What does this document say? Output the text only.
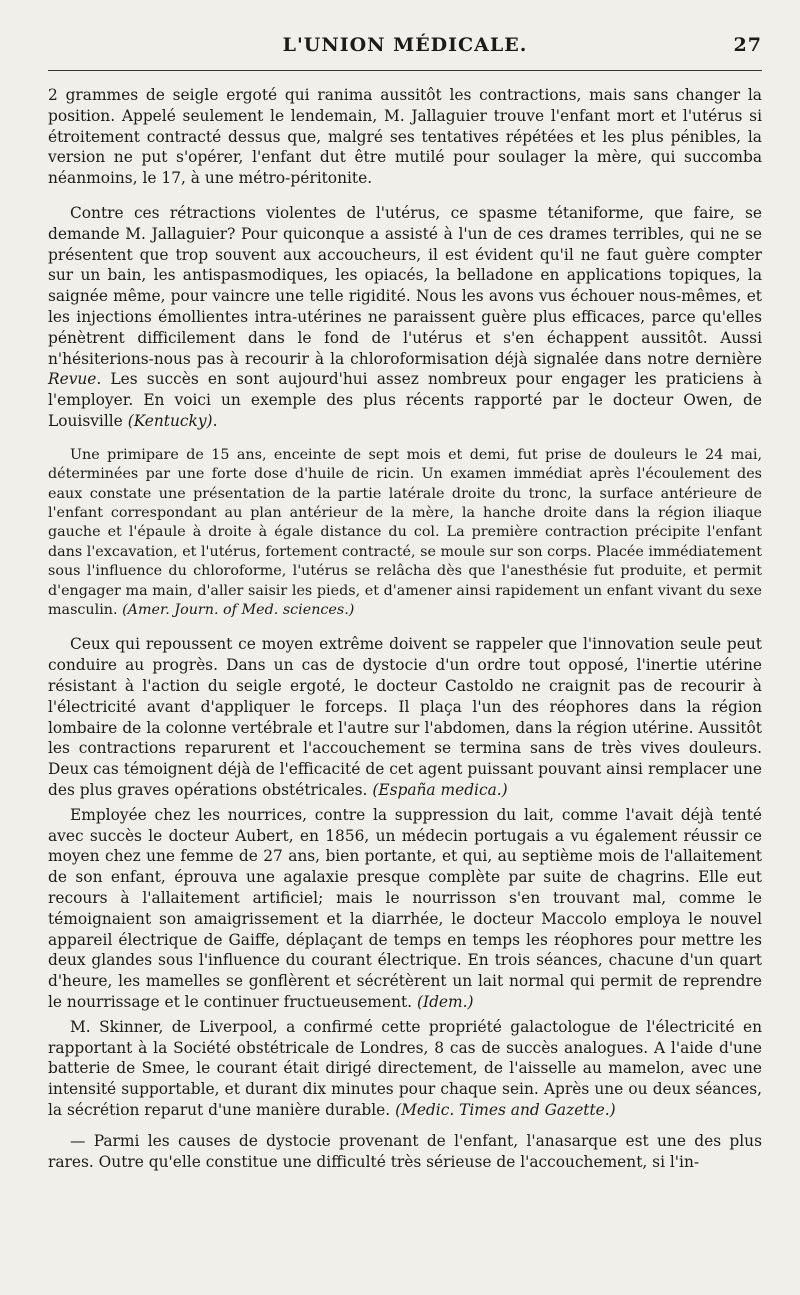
L'UNION MÉDICALE.	27

2 grammes de seigle ergoté qui ranima aussitôt les contractions, mais sans changer la position. Appelé seulement le lendemain, M. Jallaguier trouve l'enfant mort et l'utérus si étroitement contracté dessus que, malgré ses tentatives répétées et les plus pénibles, la version ne put s'opérer, l'enfant dut être mutilé pour soulager la mère, qui succomba néanmoins, le 17, à une métro-péritonite.

Contre ces rétractions violentes de l'utérus, ce spasme tétaniforme, que faire, se demande M. Jallaguier? Pour quiconque a assisté à l'un de ces drames terribles, qui ne se présentent que trop souvent aux accoucheurs, il est évident qu'il ne faut guère compter sur un bain, les antispasmodiques, les opiacés, la belladone en applications topiques, la saignée même, pour vaincre une telle rigidité. Nous les avons vus échouer nous-mêmes, et les injections émollientes intra-utérines ne paraissent guère plus efficaces, parce qu'elles pénètrent difficilement dans le fond de l'utérus et s'en échappent aussitôt. Aussi n'hésiterions-nous pas à recourir à la chloroformisation déjà signalée dans notre dernière Revue. Les succès en sont aujourd'hui assez nombreux pour engager les praticiens à l'employer. En voici un exemple des plus récents rapporté par le docteur Owen, de Louisville (Kentucky).

Une primipare de 15 ans, enceinte de sept mois et demi, fut prise de douleurs le 24 mai, déterminées par une forte dose d'huile de ricin. Un examen immédiat après l'écoulement des eaux constate une présentation de la partie latérale droite du tronc, la surface antérieure de l'enfant correspondant au plan antérieur de la mère, la hanche droite dans la région iliaque gauche et l'épaule à droite à égale distance du col. La première contraction précipite l'enfant dans l'excavation, et l'utérus, fortement contracté, se moule sur son corps. Placée immédiatement sous l'influence du chloroforme, l'utérus se relâcha dès que l'anesthésie fut produite, et permit d'engager ma main, d'aller saisir les pieds, et d'amener ainsi rapidement un enfant vivant du sexe masculin. (Amer. Journ. of Med. sciences.)

Ceux qui repoussent ce moyen extrême doivent se rappeler que l'innovation seule peut conduire au progrès. Dans un cas de dystocie d'un ordre tout opposé, l'inertie utérine résistant à l'action du seigle ergoté, le docteur Castoldo ne craignit pas de recourir à l'électricité avant d'appliquer le forceps. Il plaça l'un des réophores dans la région lombaire de la colonne vertébrale et l'autre sur l'abdomen, dans la région utérine. Aussitôt les contractions reparurent et l'accouchement se termina sans de très vives douleurs. Deux cas témoignent déjà de l'efficacité de cet agent puissant pouvant ainsi remplacer une des plus graves opérations obstétricales. (España medica.)

Employée chez les nourrices, contre la suppression du lait, comme l'avait déjà tenté avec succès le docteur Aubert, en 1856, un médecin portugais a vu également réussir ce moyen chez une femme de 27 ans, bien portante, et qui, au septième mois de l'allaitement de son enfant, éprouva une agalaxie presque complète par suite de chagrins. Elle eut recours à l'allaitement artificiel; mais le nourrisson s'en trouvant mal, comme le témoignaient son amaigrissement et la diarrhée, le docteur Maccolo employa le nouvel appareil électrique de Gaiffe, déplaçant de temps en temps les réophores pour mettre les deux glandes sous l'influence du courant électrique. En trois séances, chacune d'un quart d'heure, les mamelles se gonflèrent et sécrétèrent un lait normal qui permit de reprendre le nourrissage et le continuer fructueusement. (Idem.)

M. Skinner, de Liverpool, a confirmé cette propriété galactologue de l'électricité en rapportant à la Société obstétricale de Londres, 8 cas de succès analogues. A l'aide d'une batterie de Smee, le courant était dirigé directement, de l'aisselle au mamelon, avec une intensité supportable, et durant dix minutes pour chaque sein. Après une ou deux séances, la sécrétion reparut d'une manière durable. (Medic. Times and Gazette.)

— Parmi les causes de dystocie provenant de l'enfant, l'anasarque est une des plus rares. Outre qu'elle constitue une difficulté très sérieuse de l'accouchement, si l'in-
